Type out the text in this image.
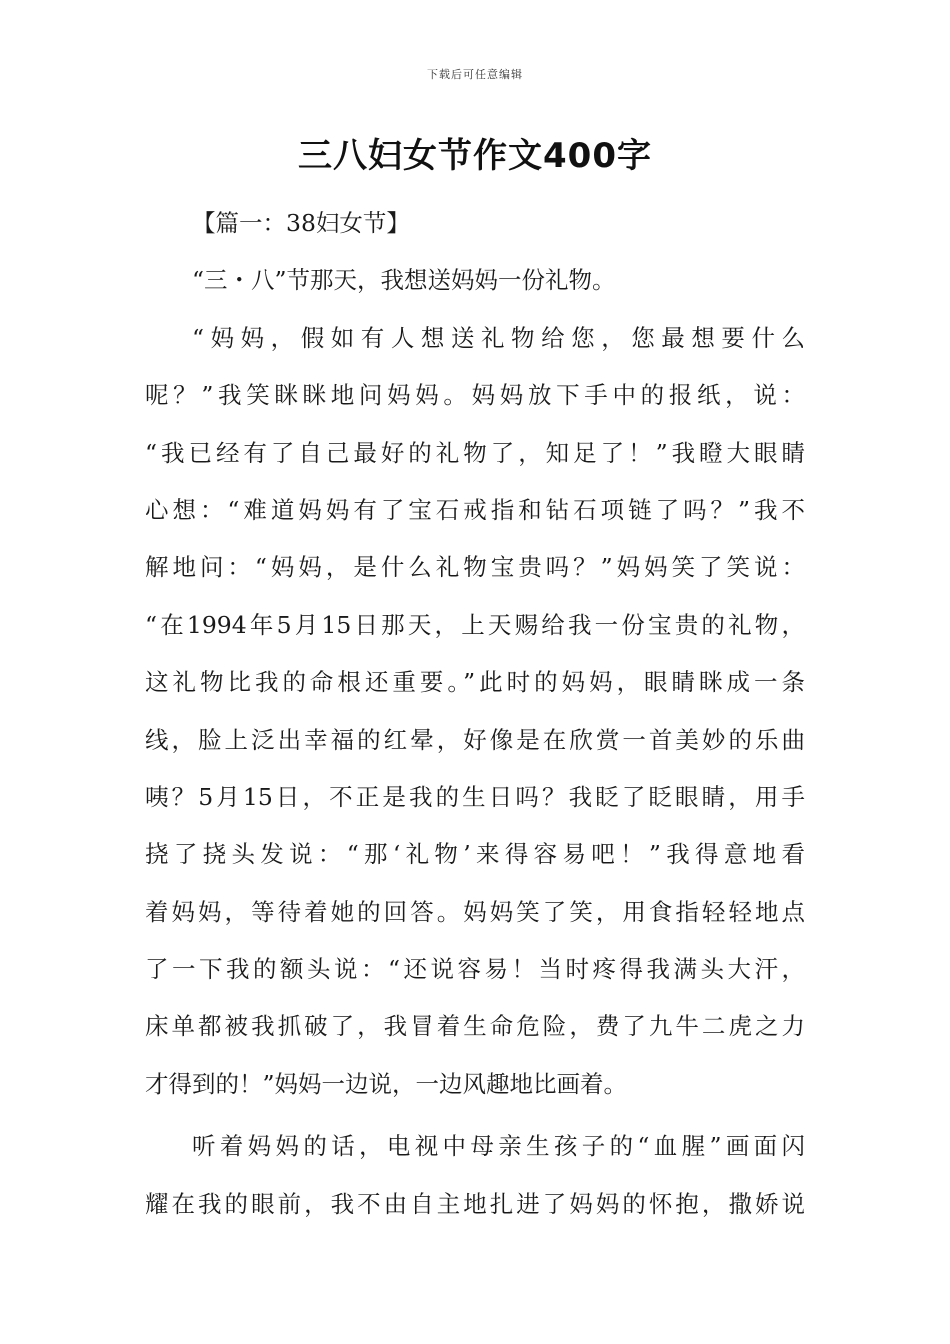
下载后可任意编辑
三八妇女节作文400字
【篇一：38妇女节】
“三・八”节那天，我想送妈妈一份礼物。
“妈妈，假如有人想送礼物给您，您最想要什么
呢？”我笑眯眯地问妈妈。妈妈放下手中的报纸，说：
“我已经有了自己最好的礼物了，知足了！”我瞪大眼睛
心想：“难道妈妈有了宝石戒指和钻石项链了吗？”我不
解地问：“妈妈，是什么礼物宝贵吗？”妈妈笑了笑说：
“在1994年5月15日那天，上天赐给我一份宝贵的礼物，
这礼物比我的命根还重要。”此时的妈妈，眼睛眯成一条
线，脸上泛出幸福的红晕，好像是在欣赏一首美妙的乐曲
咦？5月15日，不正是我的生日吗？我眨了眨眼睛，用手
挠了挠头发说：“那‘礼物’来得容易吧！”我得意地看
着妈妈，等待着她的回答。妈妈笑了笑，用食指轻轻地点
了一下我的额头说：“还说容易！当时疼得我满头大汗，
床单都被我抓破了，我冒着生命危险，费了九牛二虎之力
才得到的！”妈妈一边说，一边风趣地比画着。
听着妈妈的话，电视中母亲生孩子的“血腥”画面闪
耀在我的眼前，我不由自主地扎进了妈妈的怀抱，撒娇说
